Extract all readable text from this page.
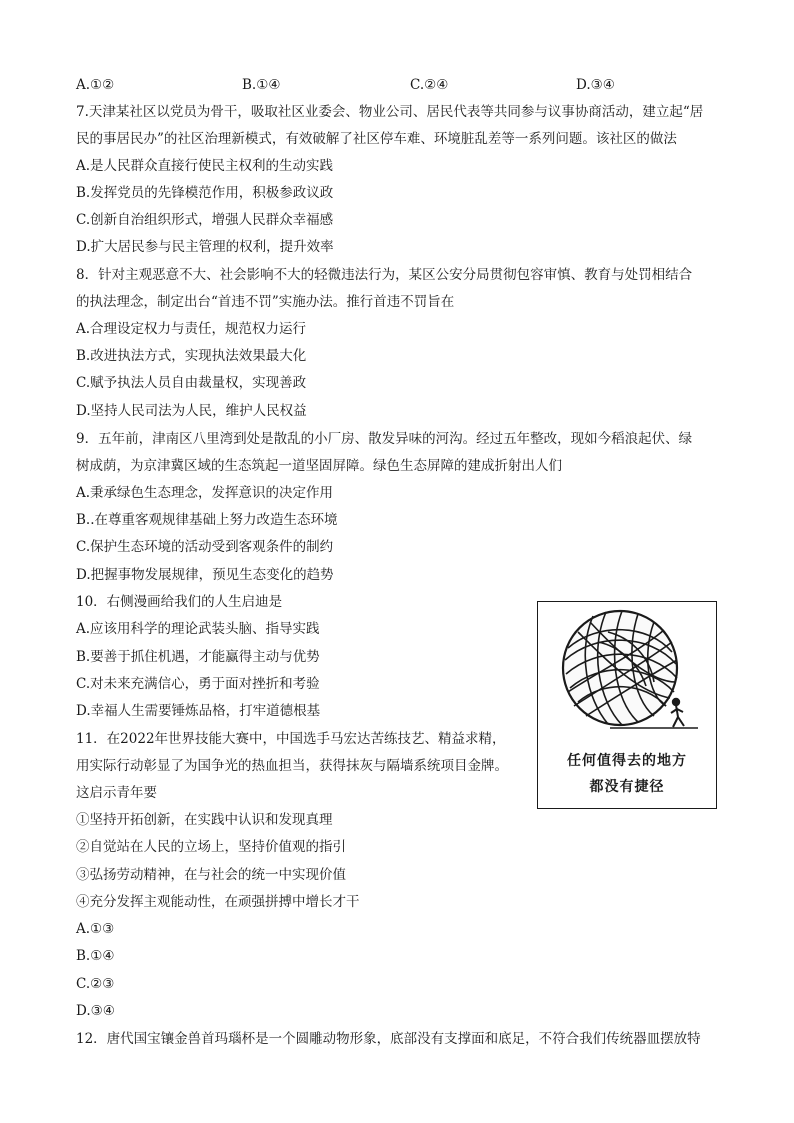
A.①②	B.①④	C.②④	D.③④
7.天津某社区以党员为骨干，吸取社区业委会、物业公司、居民代表等共同参与议事协商活动，建立起“居
民的事居民办”的社区治理新模式，有效破解了社区停车难、环境脏乱差等一系列问题。该社区的做法
A.是人民群众直接行使民主权利的生动实践
B.发挥党员的先锋模范作用，积极参政议政
C.创新自治组织形式，增强人民群众幸福感
D.扩大居民参与民主管理的权利，提升效率
8．针对主观恶意不大、社会影响不大的轻微违法行为，某区公安分局贯彻包容审慎、教育与处罚相结合
的执法理念，制定出台“首违不罚”实施办法。推行首违不罚旨在
A.合理设定权力与责任，规范权力运行
B.改进执法方式，实现执法效果最大化
C.赋予执法人员自由裁量权，实现善政
D.坚持人民司法为人民，维护人民权益
9．五年前，津南区八里湾到处是散乱的小厂房、散发异味的河沟。经过五年整改，现如今稻浪起伏、绿
树成荫，为京津冀区域的生态筑起一道坚固屏障。绿色生态屏障的建成折射出人们
A.秉承绿色生态理念，发挥意识的决定作用
B..在尊重客观规律基础上努力改造生态环境
C.保护生态环境的活动受到客观条件的制约
D.把握事物发展规律，预见生态变化的趋势
10．右侧漫画给我们的人生启迪是
A.应该用科学的理论武装头脑、指导实践
B.要善于抓住机遇，才能赢得主动与优势
C.对未来充满信心，勇于面对挫折和考验
D.幸福人生需要锤炼品格，打牢道德根基
任何值得去的地方
都没有捷径
11．在2022年世界技能大赛中，中国选手马宏达苦练技艺、精益求精，
用实际行动彰显了为国争光的热血担当，获得抹灰与隔墙系统项目金牌。
这启示青年要
①坚持开拓创新，在实践中认识和发现真理
②自觉站在人民的立场上，坚持价值观的指引
③弘扬劳动精神，在与社会的统一中实现价值
④充分发挥主观能动性，在顽强拼搏中增长才干
A.①③
B.①④
C.②③
D.③④
12．唐代国宝镶金兽首玛瑙杯是一个圆雕动物形象，底部没有支撑面和底足，不符合我们传统器皿摆放特
